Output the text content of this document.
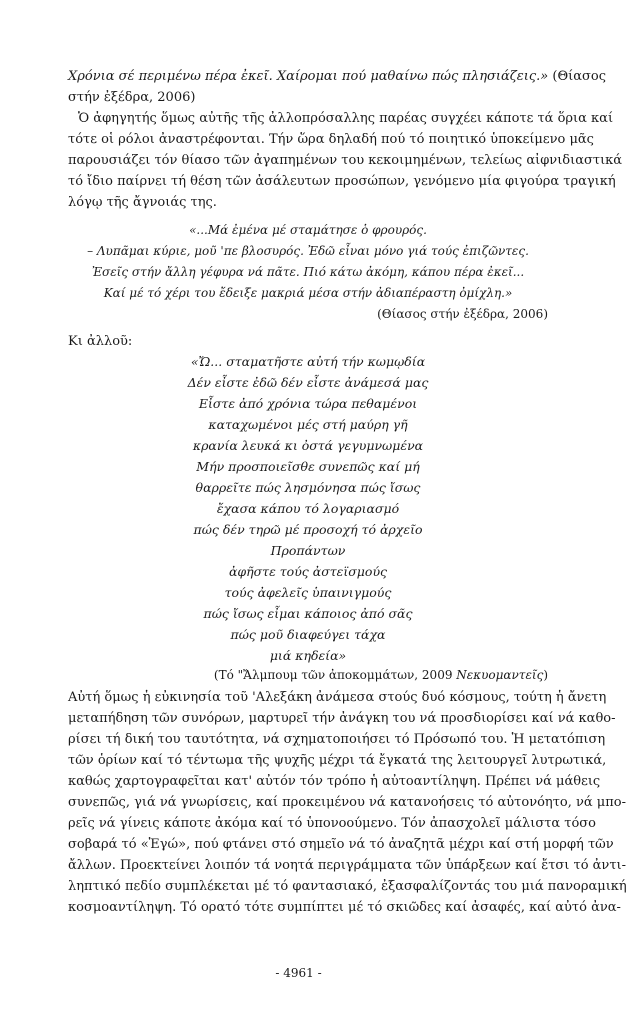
Χρόνια σέ περιμένω πέρα ἐκεῖ. Χαίρομαι πού μαθαίνω πώς πλησιάζεις.» (Θίασος
στήν ἐξέδρα, 2006)
Ὁ ἀφηγητής ὅμως αὐτῆς τῆς ἀλλοπρόσαλλης παρέας συγχέει κάποτε τά ὅρια καί
τότε οἱ ρόλοι ἀναστρέφονται. Τήν ὥρα δηλαδή πού τό ποιητικό ὑποκείμενο μᾶς
παρουσιάζει τόν θίασο τῶν ἀγαπημένων του κεκοιμημένων, τελείως αἰφνιδιαστικά
τό ἴδιο παίρνει τή θέση τῶν ἀσάλευτων προσώπων, γενόμενο μία φιγούρα τραγική
λόγῳ τῆς ἄγνοιάς της.
«...Μά ἐμένα μέ σταμάτησε ὁ φρουρός.
– Λυπᾶμαι κύριε, μοῦ 'πε βλοσυρός. Ἐδῶ εἶναι μόνο γιά τούς ἐπιζῶντες.
Ἐσεῖς στήν ἄλλη γέφυρα νά πᾶτε. Πιό κάτω ἀκόμη, κάπου πέρα ἐκεῖ...
Καί μέ τό χέρι του ἔδειξε μακριά μέσα στήν ἀδιαπέραστη ὀμίχλη.»
(Θίασος στήν ἐξέδρα, 2006)
Κι ἀλλοῦ:
«Ὤ... σταματῆστε αὐτή τήν κωμῳδία
Δέν εἶστε ἐδῶ δέν εἶστε ἀνάμεσά μας
Εἶστε ἀπό χρόνια τώρα πεθαμένοι
καταχωμένοι μές στή μαύρη γῆ
κρανία λευκά κι ὀστά γεγυμνωμένα
Μήν προσποιεῖσθε συνεπῶς καί μή
θαρρεῖτε πώς λησμόνησα πώς ἴσως
ἔχασα κάπου τό λογαριασμό
πώς δέν τηρῶ μέ προσοχή τό ἀρχεῖο
Προπάντων
ἀφῆστε τούς ἀστεϊσμούς
τούς ἀφελεῖς ὑπαινιγμούς
πώς ἴσως εἶμαι κάποιος ἀπό σᾶς
πώς μοῦ διαφεύγει τάχα
μιά κηδεία»
(Τό "Ἄλμπουμ τῶν ἀποκομμάτων, 2009 Νεκυομαντεῖς)
Αὐτή ὅμως ἡ εὐκινησία τοῦ 'Αλεξάκη ἀνάμεσα στούς δυό κόσμους, τούτη ἡ ἄνετη
μεταπήδηση τῶν συνόρων, μαρτυρεῖ τήν ἀνάγκη του νά προσδιορίσει καί νά καθο-
ρίσει τή δική του ταυτότητα, νά σχηματοποιήσει τό Πρόσωπό του. Ἡ μετατόπιση
τῶν ὁρίων καί τό τέντωμα τῆς ψυχῆς μέχρι τά ἔγκατά της λειτουργεῖ λυτρωτικά,
καθώς χαρτογραφεῖται κατ' αὐτόν τόν τρόπο ἡ αὐτοαντίληψη. Πρέπει νά μάθεις
συνεπῶς, γιά νά γνωρίσεις, καί προκειμένου νά κατανοήσεις τό αὐτονόητο, νά μπο-
ρεῖς νά γίνεις κάποτε ἀκόμα καί τό ὑπονοούμενο. Τόν ἀπασχολεῖ μάλιστα τόσο
σοβαρά τό «Ἐγώ», πού φτάνει στό σημεῖο νά τό ἀναζητᾶ μέχρι καί στή μορφή τῶν
ἄλλων. Προεκτείνει λοιπόν τά νοητά περιγράμματα τῶν ὑπάρξεων καί ἔτσι τό ἀντι-
ληπτικό πεδίο συμπλέκεται μέ τό φαντασιακό, ἐξασφαλίζοντάς του μιά πανοραμική
κοσμοαντίληψη. Τό ορατό τότε συμπίπτει μέ τό σκιῶδες καί ἀσαφές, καί αὐτό ἀνα-
- 4961 -
